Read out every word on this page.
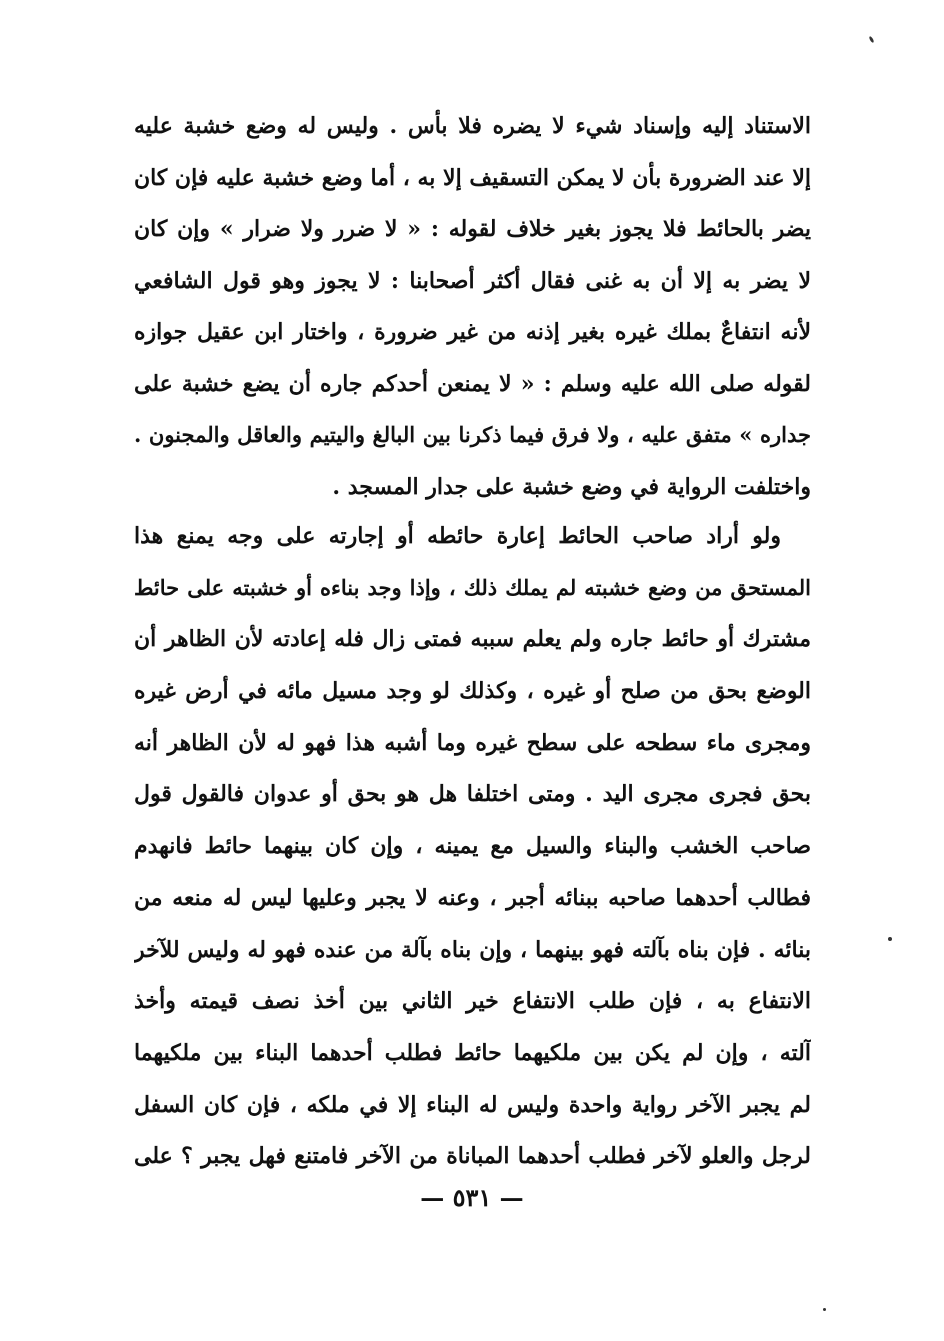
الاستناد إليه وإسناد شيء لا يضره فلا بأس . وليس له وضع خشبة عليه
إلا عند الضرورة بأن لا يمكن التسقيف إلا به ، أما وضع خشبة عليه فإن كان
يضر بالحائط فلا يجوز بغير خلاف لقوله : « لا ضرر ولا ضرار » وإن كان
لا يضر به إلا أن به غنى فقال أكثر أصحابنا : لا يجوز وهو قول الشافعي
لأنه انتفاعٌ بملك غيره بغير إذنه من غير ضرورة ، واختار ابن عقيل جوازه
لقوله صلى الله عليه وسلم : « لا يمنعن أحدكم جاره أن يضع خشبة على
جداره » متفق عليه ، ولا فرق فيما ذكرنا بين البالغ واليتيم والعاقل والمجنون .
واختلفت الرواية في وضع خشبة على جدار المسجد .
ولو أراد صاحب الحائط إعارة حائطه أو إجارته على وجه يمنع هذا
المستحق من وضع خشبته لم يملك ذلك ، وإذا وجد بناءه أو خشبته على حائط
مشترك أو حائط جاره ولم يعلم سببه فمتى زال فله إعادته لأن الظاهر أن
الوضع بحق من صلح أو غيره ، وكذلك لو وجد مسيل مائه في أرض غيره
ومجرى ماء سطحه على سطح غيره وما أشبه هذا فهو له لأن الظاهر أنه
بحق فجرى مجرى اليد . ومتى اختلفا هل هو بحق أو عدوان فالقول قول
صاحب الخشب والبناء والسيل مع يمينه ، وإن كان بينهما حائط فانهدم
فطالب أحدهما صاحبه ببنائه أجبر ، وعنه لا يجبر وعليها ليس له منعه من
بنائه . فإن بناه بآلته فهو بينهما ، وإن بناه بآلة من عنده فهو له وليس للآخر
الانتفاع به ، فإن طلب الانتفاع خير الثاني بين أخذ نصف قيمته وأخذ
آلته ، وإن لم يكن بين ملكيهما حائط فطلب أحدهما البناء بين ملكيهما
لم يجبر الآخر رواية واحدة وليس له البناء إلا في ملكه ، فإن كان السفل
لرجل والعلو لآخر فطلب أحدهما المباناة من الآخر فامتنع فهل يجبر ؟ على
— ٥٣١ —
